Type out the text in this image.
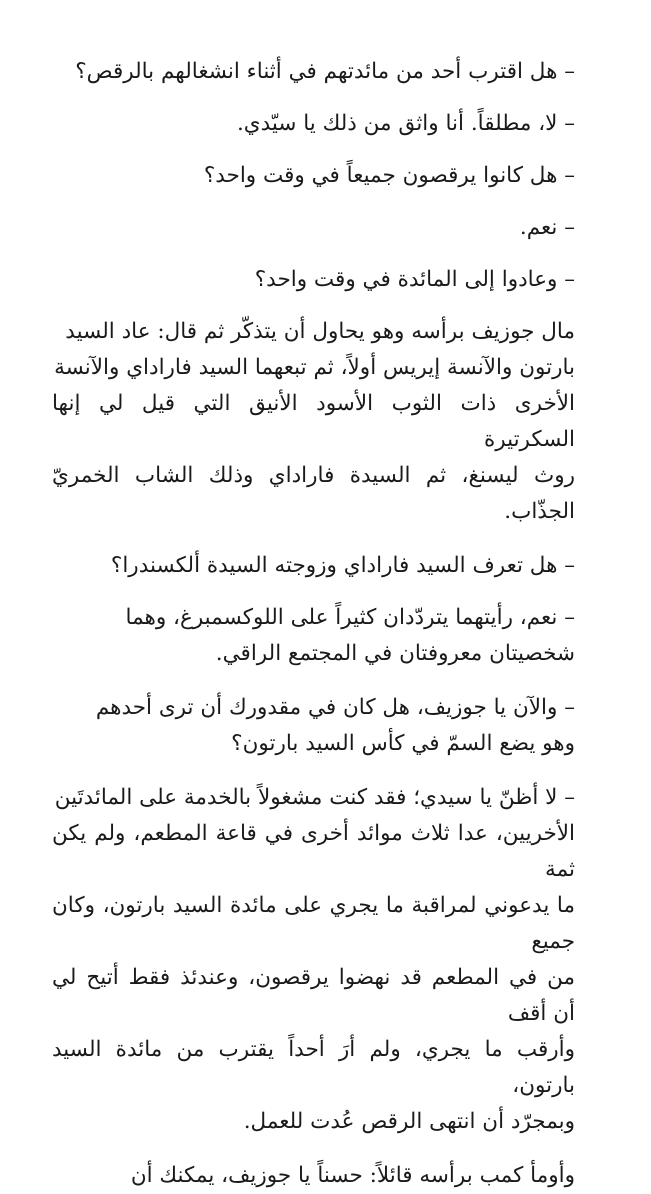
– هل اقترب أحد من مائدتهم في أثناء انشغالهم بالرقص؟

– لا، مطلقاً. أنا واثق من ذلك يا سيّدي.

– هل كانوا يرقصون جميعاً في وقت واحد؟

– نعم.

– وعادوا إلى المائدة في وقت واحد؟

مال جوزيف برأسه وهو يحاول أن يتذكّر ثم قال: عاد السيد
بارتون والآنسة إيريس أولاً، ثم تبعهما السيد فاراداي والآنسة
الأخرى ذات الثوب الأسود الأنيق التي قيل لي إنها السكرتيرة
روث ليسنغ، ثم السيدة فاراداي وذلك الشاب الخمريّ الجذّاب.

– هل تعرف السيد فاراداي وزوجته السيدة ألكسندرا؟

– نعم، رأيتهما يتردّدان كثيراً على اللوكسمبرغ، وهما
شخصيتان معروفتان في المجتمع الراقي.

– والآن يا جوزيف، هل كان في مقدورك أن ترى أحدهم
وهو يضع السمّ في كأس السيد بارتون؟

– لا أظنّ يا سيدي؛ فقد كنت مشغولاً بالخدمة على المائدتَين
الأخريين، عدا ثلاث موائد أخرى في قاعة المطعم، ولم يكن ثمة
ما يدعوني لمراقبة ما يجري على مائدة السيد بارتون، وكان جميع
من في المطعم قد نهضوا يرقصون، وعندئذ فقط أتيح لي أن أقف
وأرقب ما يجري، ولم أرَ أحداً يقترب من مائدة السيد بارتون،
وبمجرّد أن انتهى الرقص عُدت للعمل.

وأومأ كمب برأسه قائلاً: حسناً يا جوزيف، يمكنك أن
